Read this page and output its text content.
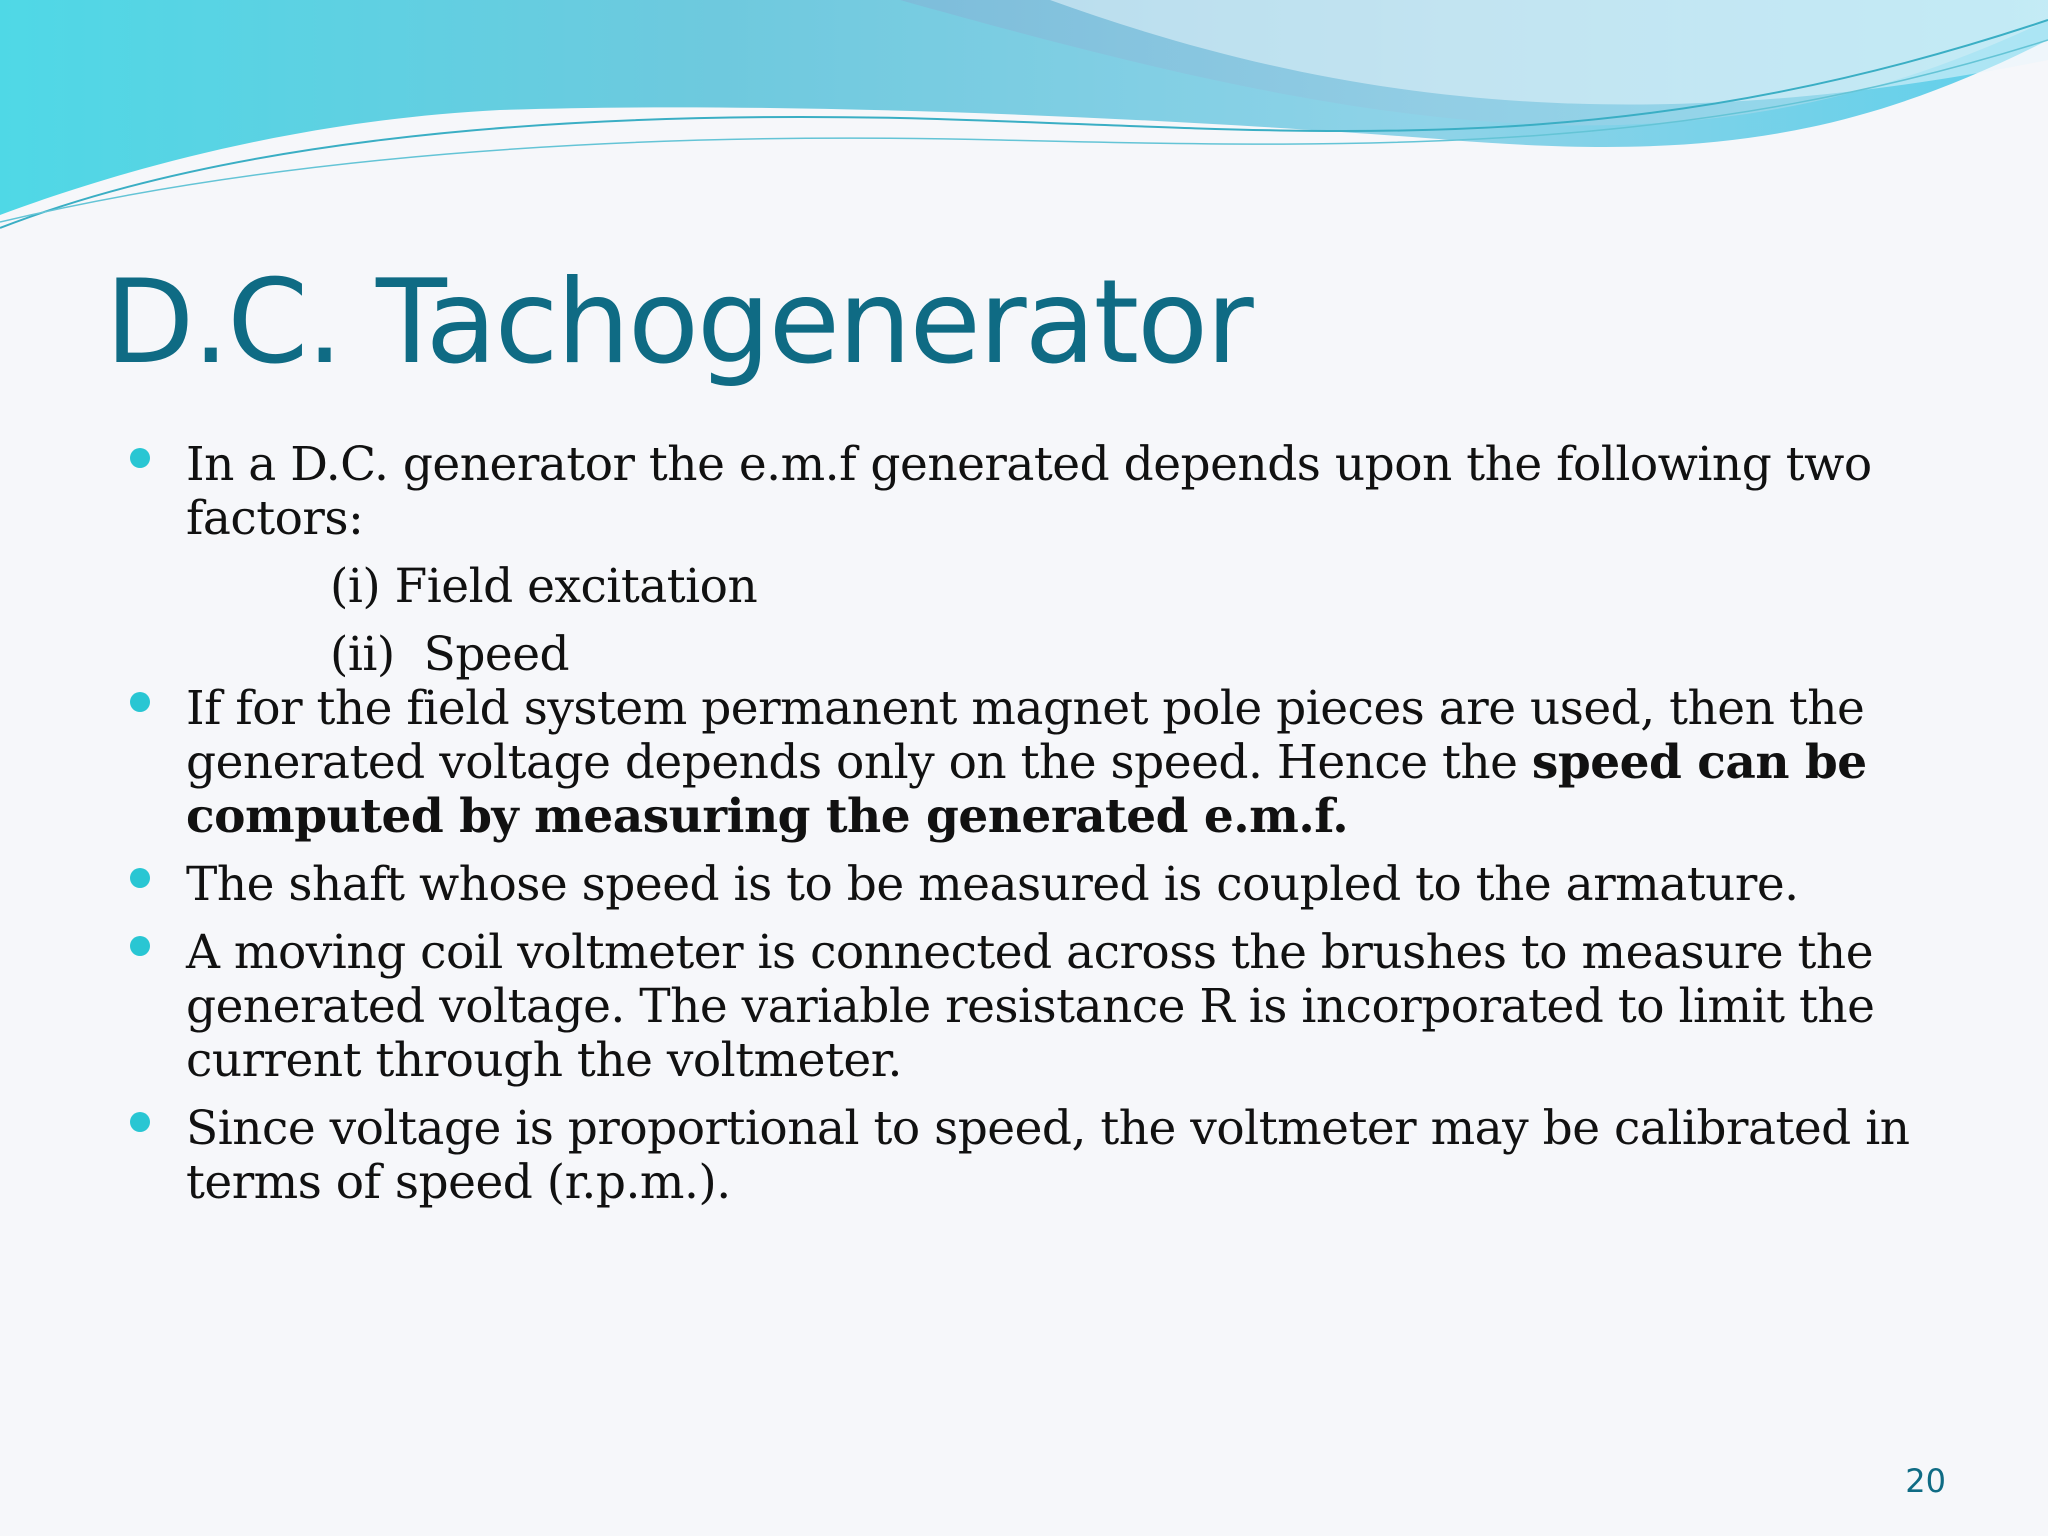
D.C. Tachogenerator
In a D.C. generator the e.m.f generated depends upon the following two factors:
(i) Field excitation
(ii)  Speed
If for the field system permanent magnet pole pieces are used, then the generated voltage depends only on the speed. Hence the speed can be computed by measuring the generated e.m.f.
The shaft whose speed is to be measured is coupled to the armature.
A moving coil voltmeter is connected across the brushes to measure the generated voltage. The variable resistance R is incorporated to limit the current through the voltmeter.
Since voltage is proportional to speed, the voltmeter may be calibrated in terms of speed (r.p.m.).
20
